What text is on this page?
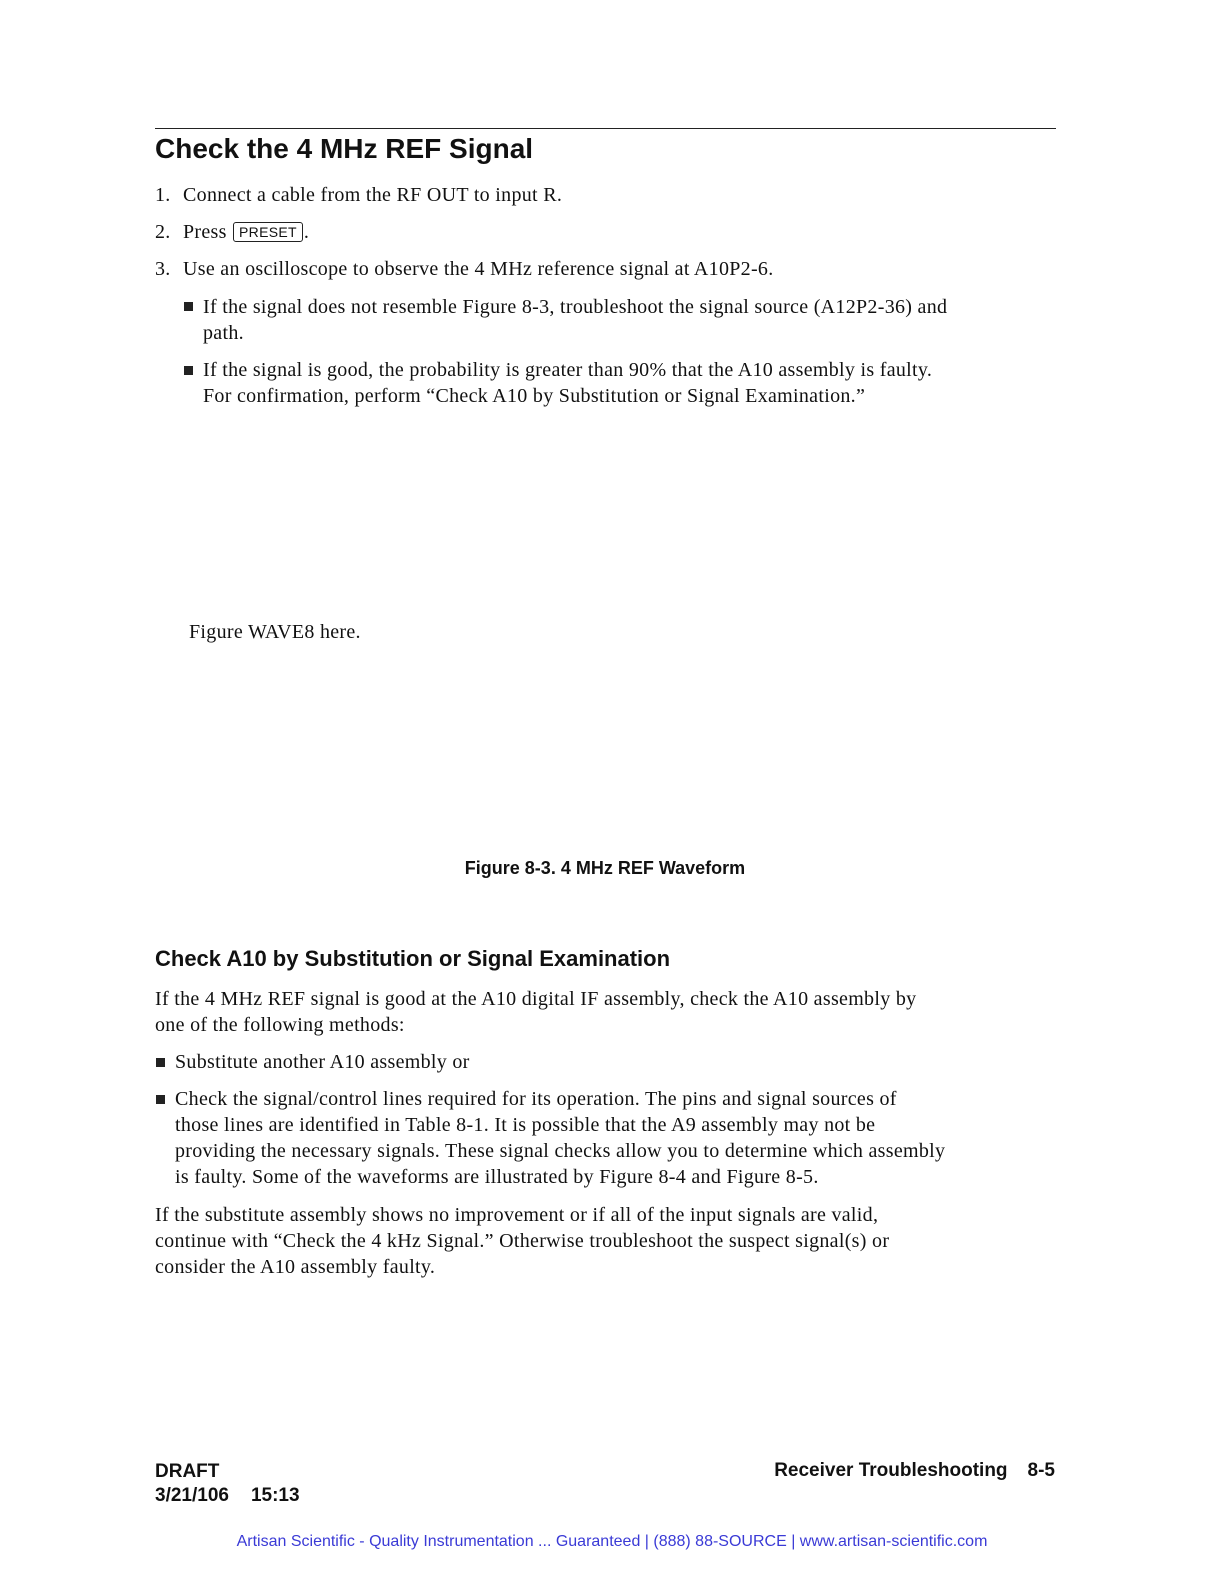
Check the 4 MHz REF Signal
1. Connect a cable from the RF OUT to input R.
2. Press PRESET .
3. Use an oscilloscope to observe the 4 MHz reference signal at A10P2-6.
If the signal does not resemble Figure 8-3, troubleshoot the signal source (A12P2-36) and
path.
If the signal is good, the probability is greater than 90% that the A10 assembly is faulty.
For confirmation, perform “Check A10 by Substitution or Signal Examination.”
Figure WAVE8 here.
Figure 8-3. 4 MHz REF Waveform
Check A10 by Substitution or Signal Examination
If the 4 MHz REF signal is good at the A10 digital IF assembly, check the A10 assembly by
one of the following methods:
Substitute another A10 assembly or
Check the signal/control lines required for its operation. The pins and signal sources of
those lines are identified in Table 8-1. It is possible that the A9 assembly may not be
providing the necessary signals. These signal checks allow you to determine which assembly
is faulty. Some of the waveforms are illustrated by Figure 8-4 and Figure 8-5.
If the substitute assembly shows no improvement or if all of the input signals are valid,
continue with “Check the 4 kHz Signal.” Otherwise troubleshoot the suspect signal(s) or
consider the A10 assembly faulty.
DRAFT
3/21/106 15:13
Receiver Troubleshooting 8-5
Artisan Scientific - Quality Instrumentation ... Guaranteed | (888) 88-SOURCE | www.artisan-scientific.com
